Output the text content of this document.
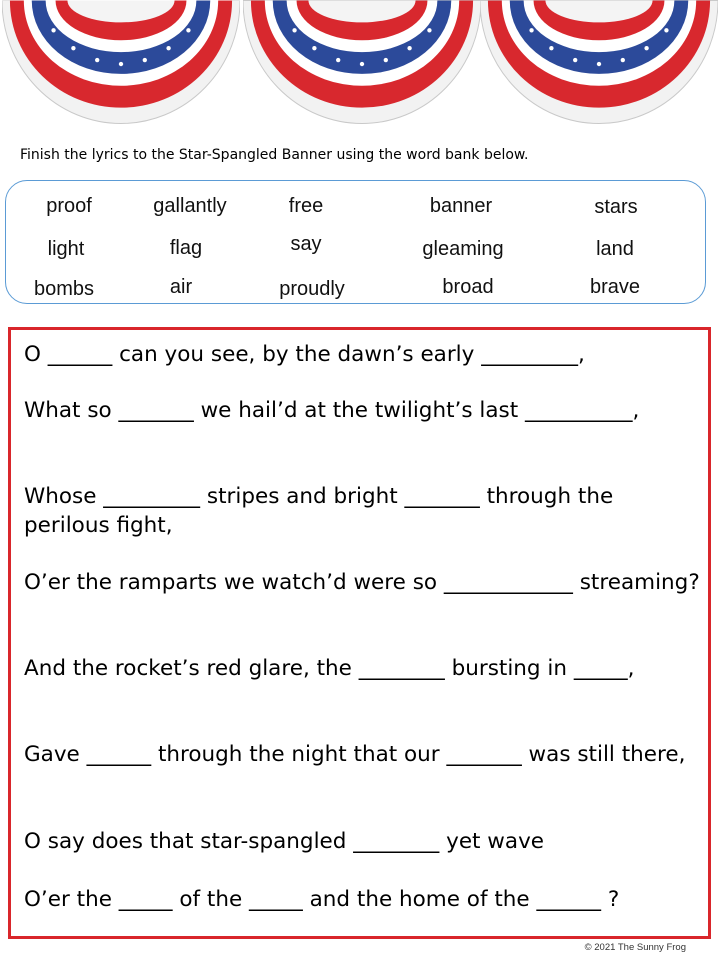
Finish the lyrics to the Star-Spangled Banner using the word bank below.
proof	gallantly	free	banner	stars
light	flag	say	gleaming	land
bombs	air	proudly	broad	brave

O ______ can you see, by the dawn’s early _________,

What so _______ we hail’d at the twilight’s last __________,

Whose _________ stripes and bright _______ through the perilous fight,

O’er the ramparts we watch’d were so ____________ streaming?

And the rocket’s red glare, the ________ bursting in _____,

Gave ______ through the night that our _______ was still there,

O say does that star-spangled ________ yet wave

O’er the _____ of the _____ and the home of the ______ ?

© 2021 The Sunny Frog
